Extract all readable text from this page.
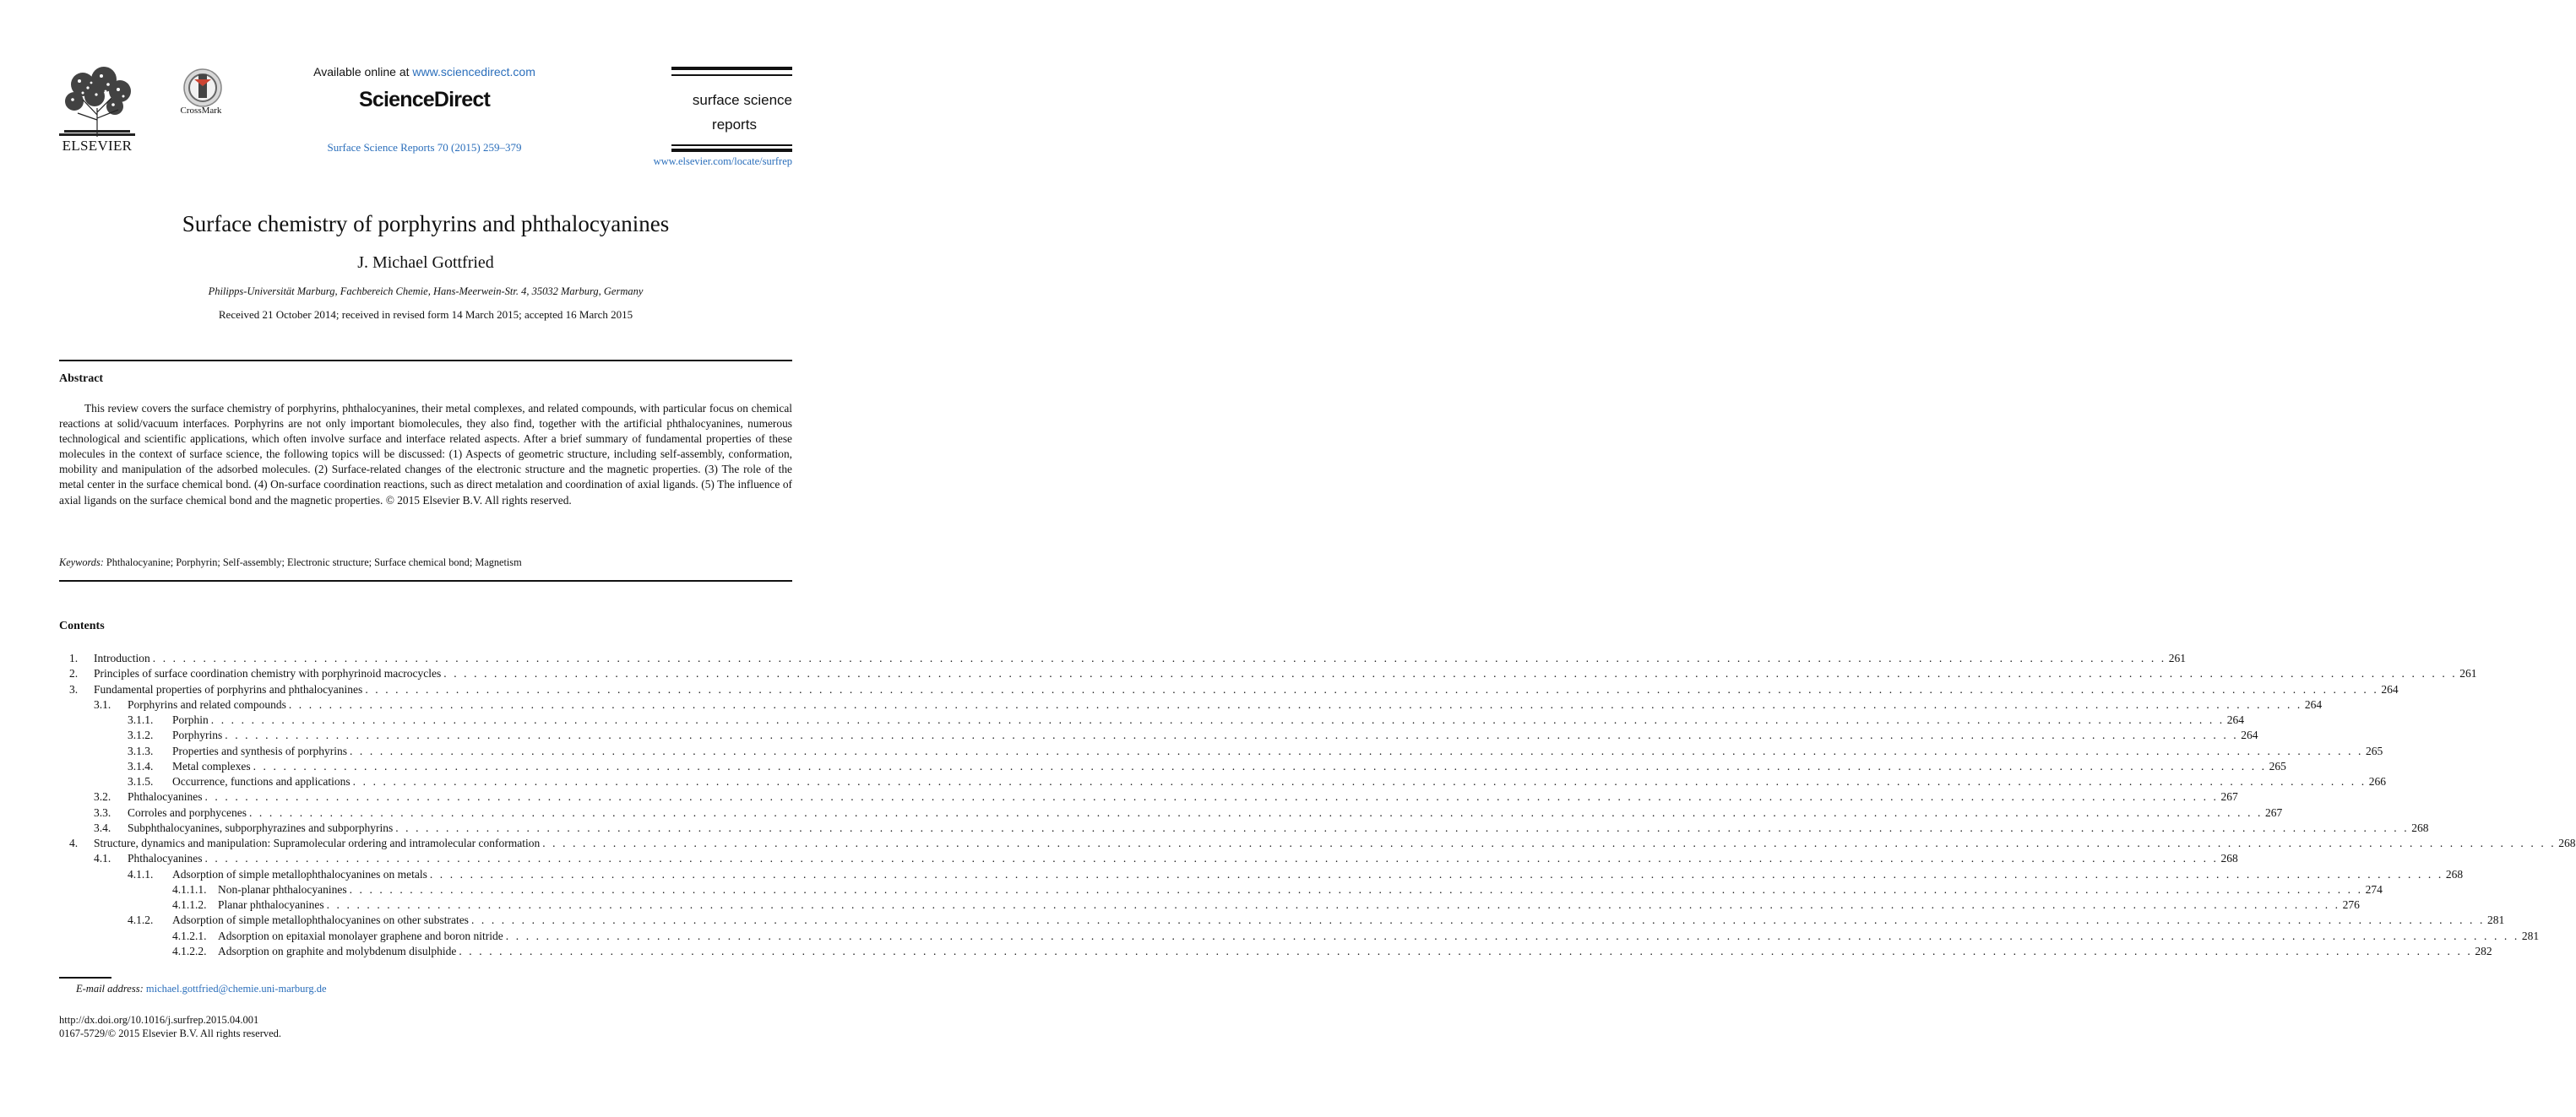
ELSEVIER
CrossMark
Available online at www.sciencedirect.com
ScienceDirect
Surface Science Reports 70 (2015) 259–379
surface science
reports
www.elsevier.com/locate/surfrep
Surface chemistry of porphyrins and phthalocyanines
J. Michael Gottfried
Philipps-Universität Marburg, Fachbereich Chemie, Hans-Meerwein-Str. 4, 35032 Marburg, Germany
Received 21 October 2014; received in revised form 14 March 2015; accepted 16 March 2015
Abstract
This review covers the surface chemistry of porphyrins, phthalocyanines, their metal complexes, and related compounds, with particular focus on chemical reactions at solid/vacuum interfaces. Porphyrins are not only important biomolecules, they also find, together with the artificial phthalocyanines, numerous technological and scientific applications, which often involve surface and interface related aspects. After a brief summary of fundamental properties of these molecules in the context of surface science, the following topics will be discussed: (1) Aspects of geometric structure, including self-assembly, conformation, mobility and manipulation of the adsorbed molecules. (2) Surface-related changes of the electronic structure and the magnetic properties. (3) The role of the metal center in the surface chemical bond. (4) On-surface coordination reactions, such as direct metalation and coordination of axial ligands. (5) The influence of axial ligands on the surface chemical bond and the magnetic properties. © 2015 Elsevier B.V. All rights reserved.
Keywords: Phthalocyanine; Porphyrin; Self-assembly; Electronic structure; Surface chemical bond; Magnetism
Contents
1. Introduction . . . . . . . . . . . . . . . . . . . . . . . . . . . . . . . . . . . . . . . . . . . . . . . . . . . . . . . . . . . . . . . . . . . . . . . . . . . . . . . . . . . . . . . . . . . . . . . . . . . . . . . . . . . . . . . . . . . . . . . . . . . . . . . . . . . . . . . . . . . . . . . . . . . . . . . . . . . . . . . . . . . . . . . . . . . . . . . . . . . . . . . . . . . . . . . . . . . . . . . . 261
2. Principles of surface coordination chemistry with porphyrinoid macrocycles . . . . . . . . . . . . . . . . . . . . . . . . . . . . . . . . . . . . . . . . . . . . . . . . . . . . . . . . . . . . . . . . . . . . . . . . . . . . . . . . . . . . . . . . . . . . . . . . . . . . . . . . . . . . . . . . . . . . . . . . . . . . . . . . . . . . . . . . . . . . . . . . . . . . . . . . . . . . . . . . . . . . . . . . . . . . . . . . . . . . . . . . . . . . . . . . . . . . . . . . 261
3. Fundamental properties of porphyrins and phthalocyanines . . . . . . . . . . . . . . . . . . . . . . . . . . . . . . . . . . . . . . . . . . . . . . . . . . . . . . . . . . . . . . . . . . . . . . . . . . . . . . . . . . . . . . . . . . . . . . . . . . . . . . . . . . . . . . . . . . . . . . . . . . . . . . . . . . . . . . . . . . . . . . . . . . . . . . . . . . . . . . . . . . . . . . . . . . . . . . . . . . . . . . . . . . . . . . . . . . . . . . . . 264
3.1. Porphyrins and related compounds . . . . . . . . . . . . . . . . . . . . . . . . . . . . . . . . . . . . . . . . . . . . . . . . . . . . . . . . . . . . . . . . . . . . . . . . . . . . . . . . . . . . . . . . . . . . . . . . . . . . . . . . . . . . . . . . . . . . . . . . . . . . . . . . . . . . . . . . . . . . . . . . . . . . . . . . . . . . . . . . . . . . . . . . . . . . . . . . . . . . . . . . . . . . . . . . . . . . . . . . 264
3.1.1. Porphin . . . . . . . . . . . . . . . . . . . . . . . . . . . . . . . . . . . . . . . . . . . . . . . . . . . . . . . . . . . . . . . . . . . . . . . . . . . . . . . . . . . . . . . . . . . . . . . . . . . . . . . . . . . . . . . . . . . . . . . . . . . . . . . . . . . . . . . . . . . . . . . . . . . . . . . . . . . . . . . . . . . . . . . . . . . . . . . . . . . . . . . . . . . . . . . . . . . . . . . . 264
3.1.2. Porphyrins . . . . . . . . . . . . . . . . . . . . . . . . . . . . . . . . . . . . . . . . . . . . . . . . . . . . . . . . . . . . . . . . . . . . . . . . . . . . . . . . . . . . . . . . . . . . . . . . . . . . . . . . . . . . . . . . . . . . . . . . . . . . . . . . . . . . . . . . . . . . . . . . . . . . . . . . . . . . . . . . . . . . . . . . . . . . . . . . . . . . . . . . . . . . . . . . . . . . . . . . 264
3.1.3. Properties and synthesis of porphyrins . . . . . . . . . . . . . . . . . . . . . . . . . . . . . . . . . . . . . . . . . . . . . . . . . . . . . . . . . . . . . . . . . . . . . . . . . . . . . . . . . . . . . . . . . . . . . . . . . . . . . . . . . . . . . . . . . . . . . . . . . . . . . . . . . . . . . . . . . . . . . . . . . . . . . . . . . . . . . . . . . . . . . . . . . . . . . . . . . . . . . . . . . . . . . . . . . . . . . . . . 265
3.1.4. Metal complexes . . . . . . . . . . . . . . . . . . . . . . . . . . . . . . . . . . . . . . . . . . . . . . . . . . . . . . . . . . . . . . . . . . . . . . . . . . . . . . . . . . . . . . . . . . . . . . . . . . . . . . . . . . . . . . . . . . . . . . . . . . . . . . . . . . . . . . . . . . . . . . . . . . . . . . . . . . . . . . . . . . . . . . . . . . . . . . . . . . . . . . . . . . . . . . . . . . . . . . . . 265
3.1.5. Occurrence, functions and applications . . . . . . . . . . . . . . . . . . . . . . . . . . . . . . . . . . . . . . . . . . . . . . . . . . . . . . . . . . . . . . . . . . . . . . . . . . . . . . . . . . . . . . . . . . . . . . . . . . . . . . . . . . . . . . . . . . . . . . . . . . . . . . . . . . . . . . . . . . . . . . . . . . . . . . . . . . . . . . . . . . . . . . . . . . . . . . . . . . . . . . . . . . . . . . . . . . . . . . . . 266
3.2. Phthalocyanines . . . . . . . . . . . . . . . . . . . . . . . . . . . . . . . . . . . . . . . . . . . . . . . . . . . . . . . . . . . . . . . . . . . . . . . . . . . . . . . . . . . . . . . . . . . . . . . . . . . . . . . . . . . . . . . . . . . . . . . . . . . . . . . . . . . . . . . . . . . . . . . . . . . . . . . . . . . . . . . . . . . . . . . . . . . . . . . . . . . . . . . . . . . . . . . . . . . . . . . . 267
3.3. Corroles and porphycenes . . . . . . . . . . . . . . . . . . . . . . . . . . . . . . . . . . . . . . . . . . . . . . . . . . . . . . . . . . . . . . . . . . . . . . . . . . . . . . . . . . . . . . . . . . . . . . . . . . . . . . . . . . . . . . . . . . . . . . . . . . . . . . . . . . . . . . . . . . . . . . . . . . . . . . . . . . . . . . . . . . . . . . . . . . . . . . . . . . . . . . . . . . . . . . . . . . . . . . . . 267
3.4. Subphthalocyanines, subporphyrazines and subporphyrins . . . . . . . . . . . . . . . . . . . . . . . . . . . . . . . . . . . . . . . . . . . . . . . . . . . . . . . . . . . . . . . . . . . . . . . . . . . . . . . . . . . . . . . . . . . . . . . . . . . . . . . . . . . . . . . . . . . . . . . . . . . . . . . . . . . . . . . . . . . . . . . . . . . . . . . . . . . . . . . . . . . . . . . . . . . . . . . . . . . . . . . . . . . . . . . . . . . . . . . . 268
4. Structure, dynamics and manipulation: Supramolecular ordering and intramolecular conformation . . . . . . . . . . . . . . . . . . . . . . . . . . . . . . . . . . . . . . . . . . . . . . . . . . . . . . . . . . . . . . . . . . . . . . . . . . . . . . . . . . . . . . . . . . . . . . . . . . . . . . . . . . . . . . . . . . . . . . . . . . . . . . . . . . . . . . . . . . . . . . . . . . . . . . . . . . . . . . . . . . . . . . . . . . . . . . . . . . . . . . . . . . . . . . . . . . . . . . . . 268
4.1. Phthalocyanines . . . . . . . . . . . . . . . . . . . . . . . . . . . . . . . . . . . . . . . . . . . . . . . . . . . . . . . . . . . . . . . . . . . . . . . . . . . . . . . . . . . . . . . . . . . . . . . . . . . . . . . . . . . . . . . . . . . . . . . . . . . . . . . . . . . . . . . . . . . . . . . . . . . . . . . . . . . . . . . . . . . . . . . . . . . . . . . . . . . . . . . . . . . . . . . . . . . . . . . . 268
4.1.1. Adsorption of simple metallophthalocyanines on metals . . . . . . . . . . . . . . . . . . . . . . . . . . . . . . . . . . . . . . . . . . . . . . . . . . . . . . . . . . . . . . . . . . . . . . . . . . . . . . . . . . . . . . . . . . . . . . . . . . . . . . . . . . . . . . . . . . . . . . . . . . . . . . . . . . . . . . . . . . . . . . . . . . . . . . . . . . . . . . . . . . . . . . . . . . . . . . . . . . . . . . . . . . . . . . . . . . . . . . . . 268
4.1.1.1. Non-planar phthalocyanines . . . . . . . . . . . . . . . . . . . . . . . . . . . . . . . . . . . . . . . . . . . . . . . . . . . . . . . . . . . . . . . . . . . . . . . . . . . . . . . . . . . . . . . . . . . . . . . . . . . . . . . . . . . . . . . . . . . . . . . . . . . . . . . . . . . . . . . . . . . . . . . . . . . . . . . . . . . . . . . . . . . . . . . . . . . . . . . . . . . . . . . . . . . . . . . . . . . . . . . . 274
4.1.1.2. Planar phthalocyanines . . . . . . . . . . . . . . . . . . . . . . . . . . . . . . . . . . . . . . . . . . . . . . . . . . . . . . . . . . . . . . . . . . . . . . . . . . . . . . . . . . . . . . . . . . . . . . . . . . . . . . . . . . . . . . . . . . . . . . . . . . . . . . . . . . . . . . . . . . . . . . . . . . . . . . . . . . . . . . . . . . . . . . . . . . . . . . . . . . . . . . . . . . . . . . . . . . . . . . . . 276
4.1.2. Adsorption of simple metallophthalocyanines on other substrates . . . . . . . . . . . . . . . . . . . . . . . . . . . . . . . . . . . . . . . . . . . . . . . . . . . . . . . . . . . . . . . . . . . . . . . . . . . . . . . . . . . . . . . . . . . . . . . . . . . . . . . . . . . . . . . . . . . . . . . . . . . . . . . . . . . . . . . . . . . . . . . . . . . . . . . . . . . . . . . . . . . . . . . . . . . . . . . . . . . . . . . . . . . . . . . . . . . . . . . . 281
4.1.2.1. Adsorption on epitaxial monolayer graphene and boron nitride . . . . . . . . . . . . . . . . . . . . . . . . . . . . . . . . . . . . . . . . . . . . . . . . . . . . . . . . . . . . . . . . . . . . . . . . . . . . . . . . . . . . . . . . . . . . . . . . . . . . . . . . . . . . . . . . . . . . . . . . . . . . . . . . . . . . . . . . . . . . . . . . . . . . . . . . . . . . . . . . . . . . . . . . . . . . . . . . . . . . . . . . . . . . . . . . . . . . . . . . 281
4.1.2.2. Adsorption on graphite and molybdenum disulphide . . . . . . . . . . . . . . . . . . . . . . . . . . . . . . . . . . . . . . . . . . . . . . . . . . . . . . . . . . . . . . . . . . . . . . . . . . . . . . . . . . . . . . . . . . . . . . . . . . . . . . . . . . . . . . . . . . . . . . . . . . . . . . . . . . . . . . . . . . . . . . . . . . . . . . . . . . . . . . . . . . . . . . . . . . . . . . . . . . . . . . . . . . . . . . . . . . . . . . . . 282
E-mail address: michael.gottfried@chemie.uni-marburg.de
http://dx.doi.org/10.1016/j.surfrep.2015.04.001
0167-5729/© 2015 Elsevier B.V. All rights reserved.
